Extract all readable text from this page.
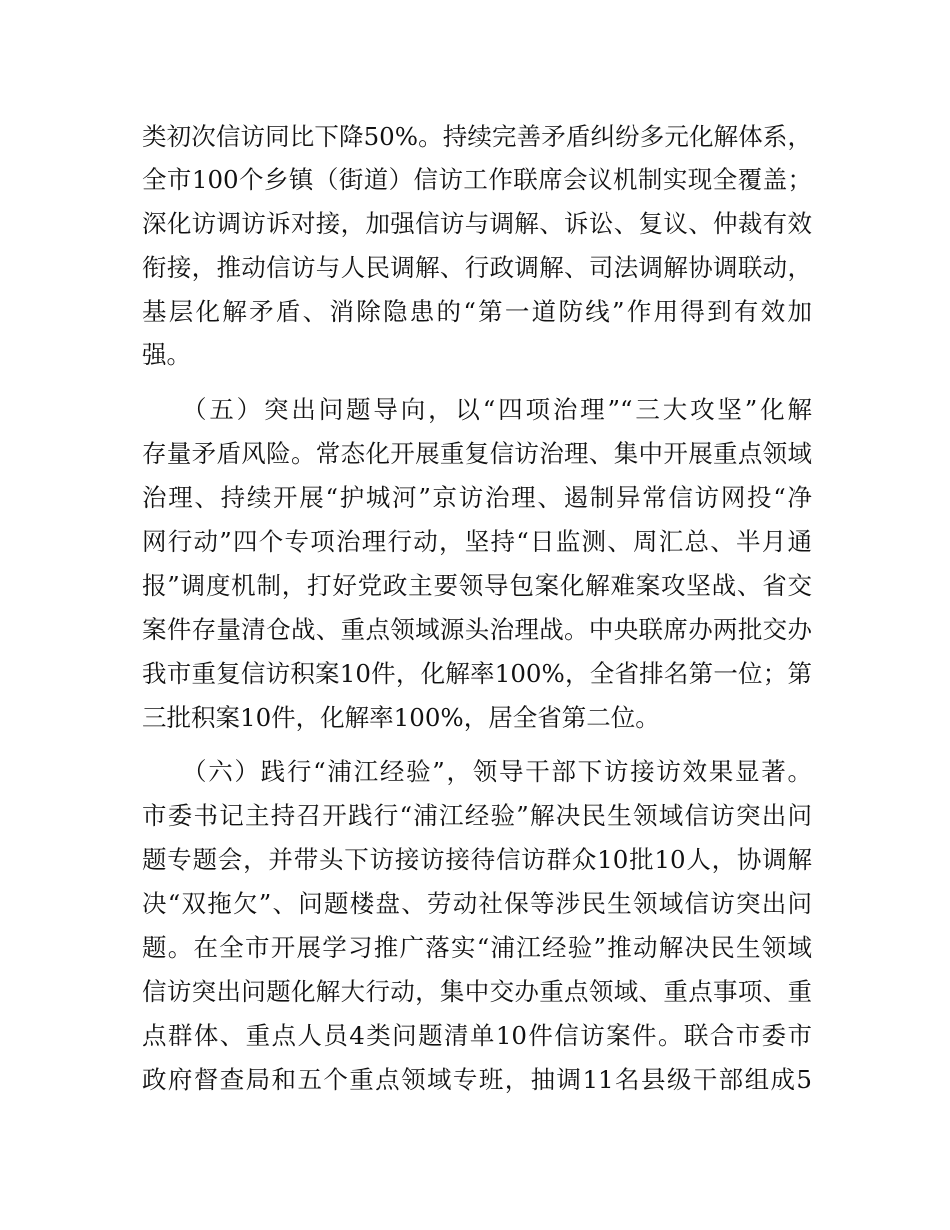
类初次信访同比下降50%。持续完善矛盾纠纷多元化解体系，
全市100个乡镇（街道）信访工作联席会议机制实现全覆盖；
深化访调访诉对接，加强信访与调解、诉讼、复议、仲裁有效
衔接，推动信访与人民调解、行政调解、司法调解协调联动，
基层化解矛盾、消除隐患的“第一道防线”作用得到有效加
强。
（五）突出问题导向，以“四项治理”“三大攻坚”化解
存量矛盾风险。常态化开展重复信访治理、集中开展重点领域
治理、持续开展“护城河”京访治理、遏制异常信访网投“净
网行动”四个专项治理行动，坚持“日监测、周汇总、半月通
报”调度机制，打好党政主要领导包案化解难案攻坚战、省交
案件存量清仓战、重点领域源头治理战。中央联席办两批交办
我市重复信访积案10件，化解率100%，全省排名第一位；第
三批积案10件，化解率100%，居全省第二位。
（六）践行“浦江经验”，领导干部下访接访效果显著。
市委书记主持召开践行“浦江经验”解决民生领域信访突出问
题专题会，并带头下访接访接待信访群众10批10人，协调解
决“双拖欠”、问题楼盘、劳动社保等涉民生领域信访突出问
题。在全市开展学习推广落实“浦江经验”推动解决民生领域
信访突出问题化解大行动，集中交办重点领域、重点事项、重
点群体、重点人员4类问题清单10件信访案件。联合市委市
政府督查局和五个重点领域专班，抽调11名县级干部组成5
